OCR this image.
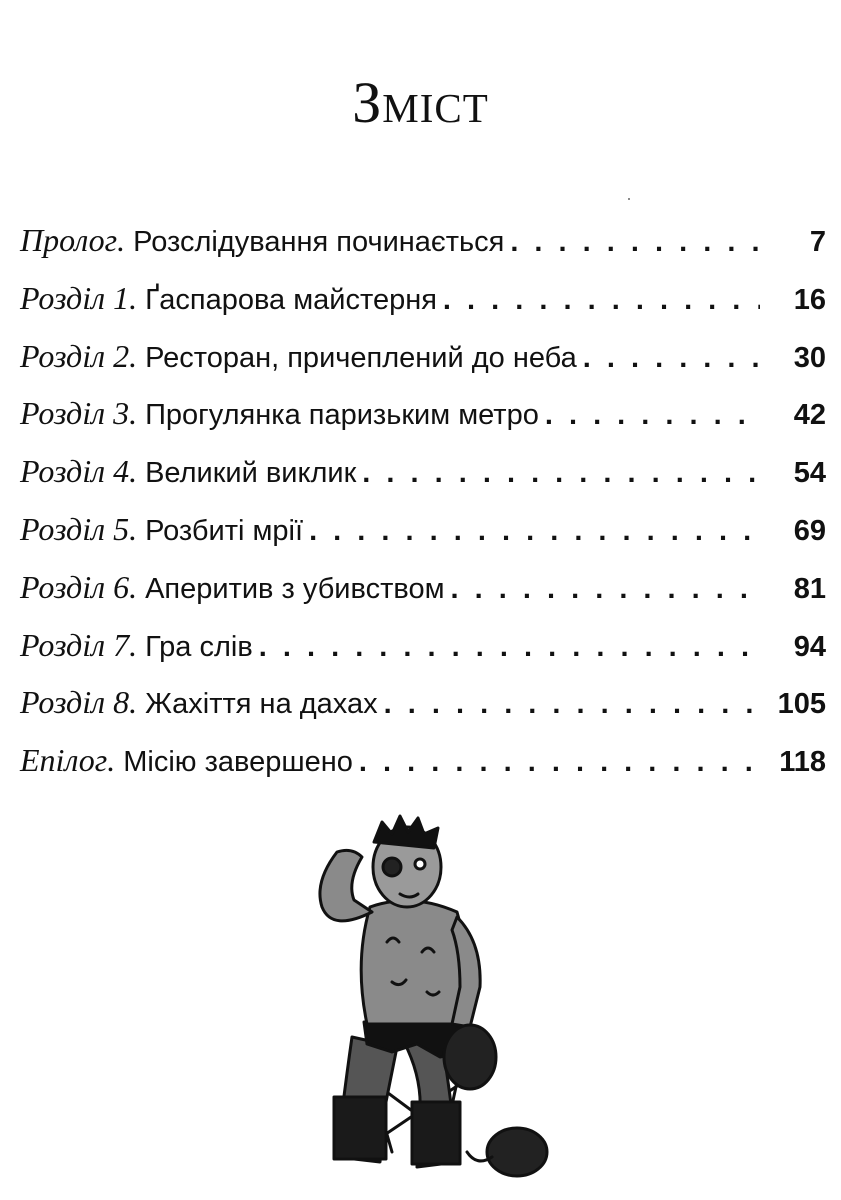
Зміст
Пролог . Розслідування починається . . .	7
Розділ 1 . Ґаспарова майстерня . . .	16
Розділ 2 . Ресторан, причеплений до неба . . .	30
Розділ 3 . Прогулянка паризьким метро . . .	42
Розділ 4 . Великий виклик . . .	54
Розділ 5 . Розбиті мрії . . .	69
Розділ 6 . Аперитив з убивством . . .	81
Розділ 7 . Гра слів . . .	94
Розділ 8 . Жахіття на дахах . . .	105
Епілог . Місію завершено . . .	118
